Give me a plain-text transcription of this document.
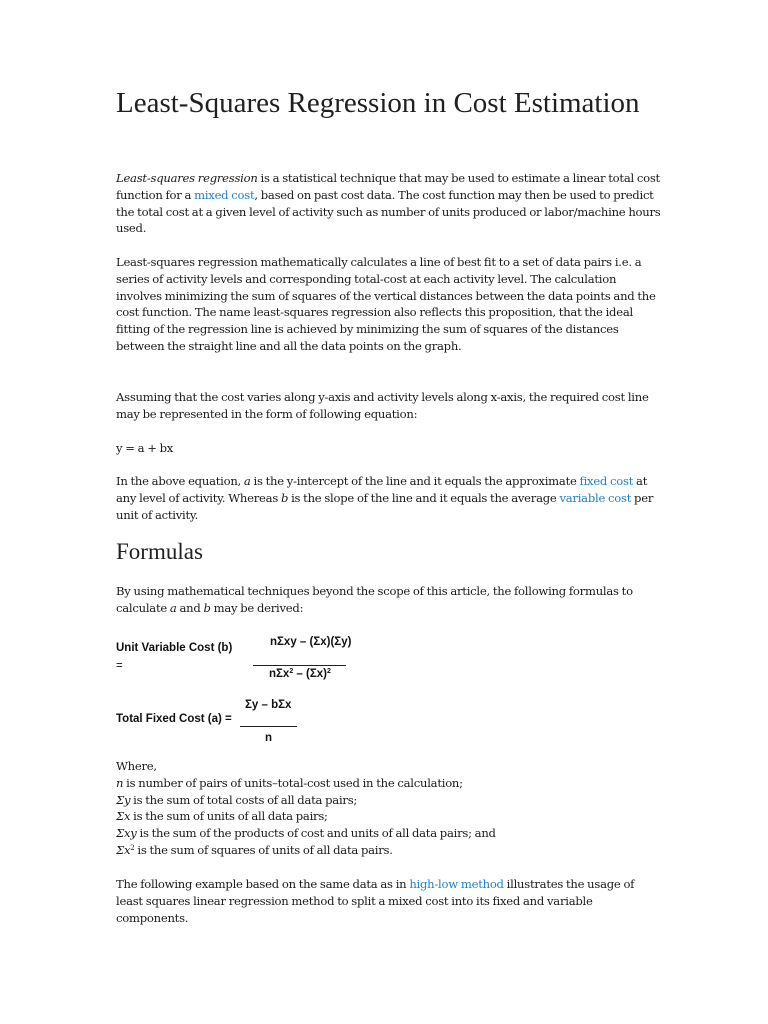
Least-Squares Regression in Cost Estimation

Least-squares regression is a statistical technique that may be used to estimate a linear total cost function for a mixed cost, based on past cost data. The cost function may then be used to predict the total cost at a given level of activity such as number of units produced or labor/machine hours used.

Least-squares regression mathematically calculates a line of best fit to a set of data pairs i.e. a series of activity levels and corresponding total-cost at each activity level. The calculation involves minimizing the sum of squares of the vertical distances between the data points and the cost function. The name least-squares regression also reflects this proposition, that the ideal fitting of the regression line is achieved by minimizing the sum of squares of the distances between the straight line and all the data points on the graph.

Assuming that the cost varies along y-axis and activity levels along x-axis, the required cost line may be represented in the form of following equation:

y = a + bx

In the above equation, a is the y-intercept of the line and it equals the approximate fixed cost at any level of activity. Whereas b is the slope of the line and it equals the average variable cost per unit of activity.

Formulas

By using mathematical techniques beyond the scope of this article, the following formulas to calculate a and b may be derived:

Unit Variable Cost (b)
=
nΣxy – (Σx)(Σy)
$n\Sigma x^2 - (\Sigma x)^2$
Σy – bΣx
Total Fixed Cost (a) =
n
Where,
n is number of pairs of units–total-cost used in the calculation;
Σy is the sum of total costs of all data pairs;
Σx is the sum of units of all data pairs;
Σxy is the sum of the products of cost and units of all data pairs; and
$\Sigma x^2$ is the sum of squares of units of all data pairs.

The following example based on the same data as in high-low method illustrates the usage of least squares linear regression method to split a mixed cost into its fixed and variable components.
